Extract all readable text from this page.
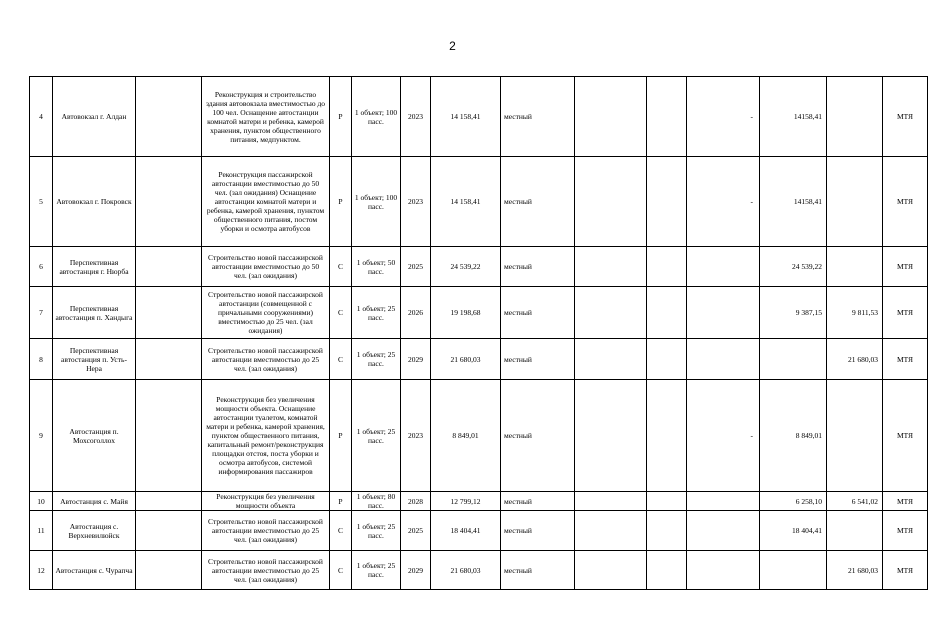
2
4	Автовокзал г. Алдан		Реконструкция и строительство здания автовокзала вместимостью до 100 чел. Оснащение автостанции комнатой матери и ребенка, камерой хранения, пунктом общественного питания, медпунктом.	Р	1 объект; 100 пасс.	2023	14 158,41	местный			-	14158,41		МТЯ
5	Автовокзал г. Покровск		Реконструкция пассажирской автостанции вместимостью до 50 чел. (зал ожидания) Оснащение автостанции комнатой матери и ребенка, камерой хранения, пунктом общественного питания, постом уборки и осмотра автобусов	Р	1 объект; 100 пасс.	2023	14 158,41	местный			-	14158,41		МТЯ
6	Перспективная автостанция г. Нюрба		Строительство новой пассажирской автостанции вместимостью до 50 чел. (зал ожидания)	С	1 объект; 50 пасс.	2025	24 539,22	местный				24 539,22		МТЯ
7	Перспективная автостанция п. Хандыга		Строительство новой пассажирской автостанции (совмещенной с причальными сооружениями) вместимостью до 25 чел. (зал ожидания)	С	1 объект; 25 пасс.	2026	19 198,68	местный				9 387,15	9 811,53	МТЯ
8	Перспективная автостанция п. Усть-Нера		Строительство новой пассажирской автостанции вместимостью до 25 чел. (зал ожидания)	С	1 объект; 25 пасс.	2029	21 680,03	местный					21 680,03	МТЯ
9	Автостанция п. Мохсоголлох		Реконструкция без увеличения мощности объекта. Оснащение автостанции туалетом, комнатой матери и ребенка, камерой хранения, пунктом общественного питания, капитальный ремонт/реконструкция площадки отстоя, поста уборки и осмотра автобусов, системой информирования пассажиров	Р	1 объект; 25 пасс.	2023	8 849,01	местный			-	8 849,01		МТЯ
10	Автостанция с. Майя		Реконструкция без увеличения мощности объекта	Р	1 объект; 80 пасс.	2028	12 799,12	местный				6 258,10	6 541,02	МТЯ
11	Автостанция с. Верхневилюйск		Строительство новой пассажирской автостанции вместимостью до 25 чел. (зал ожидания)	С	1 объект; 25 пасс.	2025	18 404,41	местный				18 404,41		МТЯ
12	Автостанция с. Чурапча		Строительство новой пассажирской автостанции вместимостью до 25 чел. (зал ожидания)	С	1 объект; 25 пасс.	2029	21 680,03	местный					21 680,03	МТЯ
